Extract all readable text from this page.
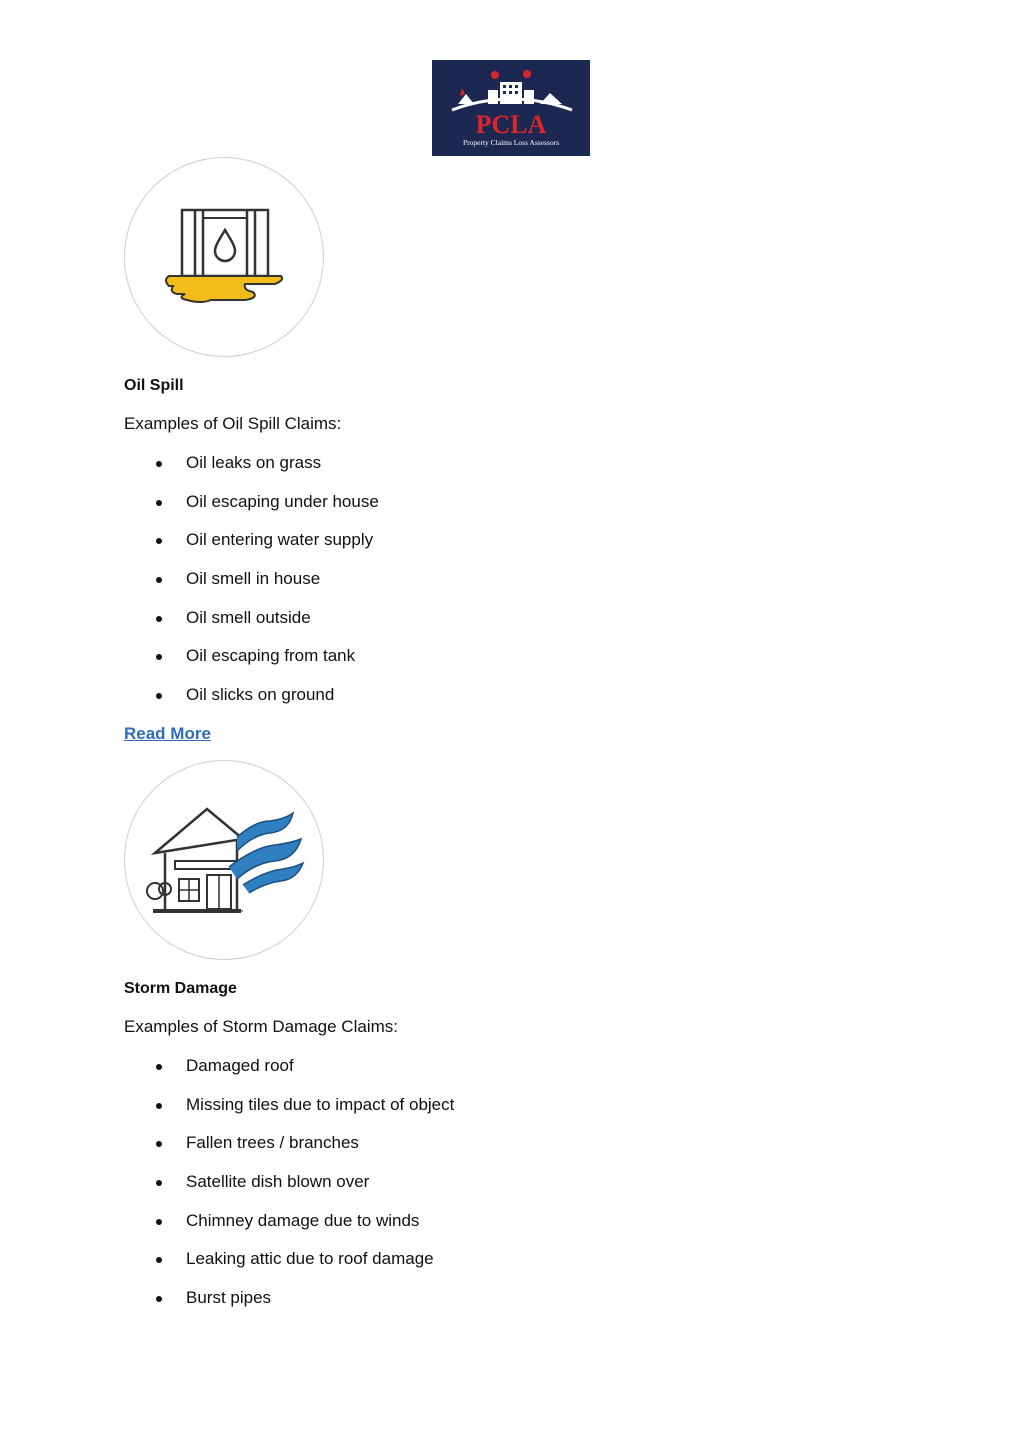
PCLA
Property Claims Loss Assessors
Oil Spill
Examples of Oil Spill Claims:
Oil leaks on grass
Oil escaping under house
Oil entering water supply
Oil smell in house
Oil smell outside
Oil escaping from tank
Oil slicks on ground
Read More
Storm Damage
Examples of Storm Damage Claims:
Damaged roof
Missing tiles due to impact of object
Fallen trees / branches
Satellite dish blown over
Chimney damage due to winds
Leaking attic due to roof damage
Burst pipes
